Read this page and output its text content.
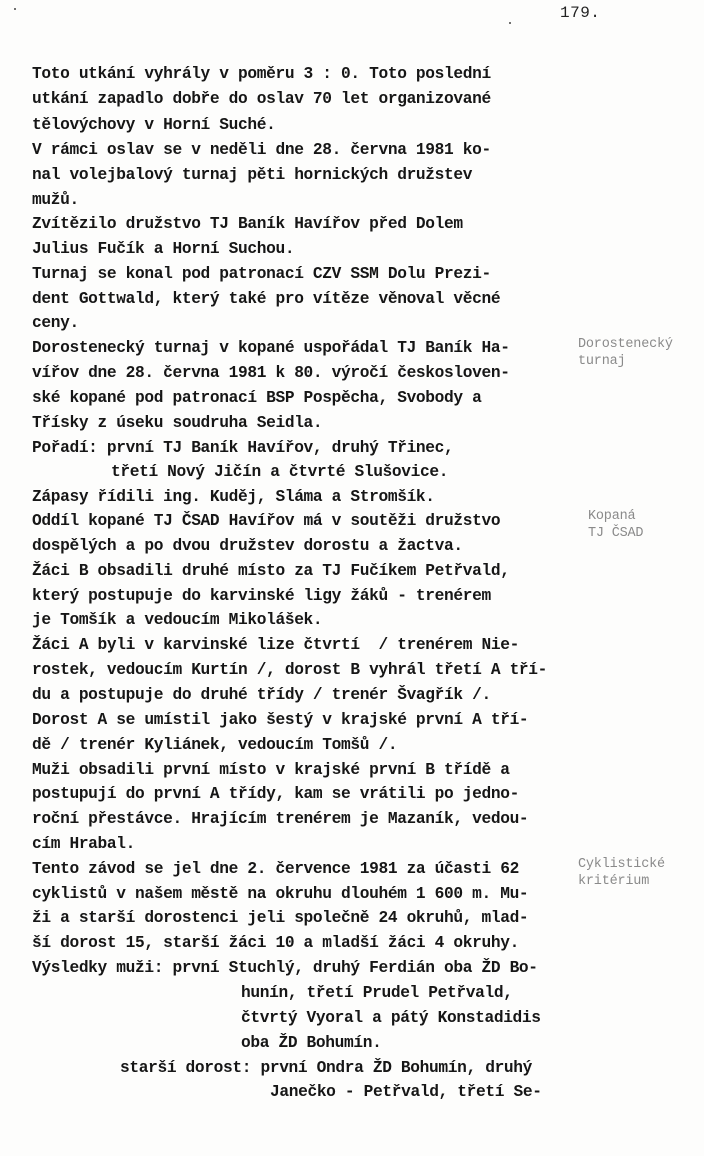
179.
Dorostenecký
turnaj
Kopaná
TJ ČSAD
Cyklistické
kritérium
Toto utkání vyhrály v poměru 3 : 0. Toto poslední
utkání zapadlo dobře do oslav 70 let organizované
tělovýchovy v Horní Suché.
V rámci oslav se v neděli dne 28. června 1981 ko-
nal volejbalový turnaj pěti hornických družstev
mužů.
Zvítězilo družstvo TJ Baník Havířov před Dolem
Julius Fučík a Horní Suchou.
Turnaj se konal pod patronací CZV SSM Dolu Prezi-
dent Gottwald, který také pro vítěze věnoval věcné
ceny.
Dorostenecký turnaj v kopané uspořádal TJ Baník Ha-
vířov dne 28. června 1981 k 80. výročí českosloven-
ské kopané pod patronací BSP Pospěcha, Svobody a
Třísky z úseku soudruha Seidla.
Pořadí: první TJ Baník Havířov, druhý Třinec,
třetí Nový Jičín a čtvrté Slušovice.
Zápasy řídili ing. Kuděj, Sláma a Stromšík.
Oddíl kopané TJ ČSAD Havířov má v soutěži družstvo
dospělých a po dvou družstev dorostu a žactva.
Žáci B obsadili druhé místo za TJ Fučíkem Petřvald,
který postupuje do karvinské ligy žáků - trenérem
je Tomšík a vedoucím Mikolášek.
Žáci A byli v karvinské lize čtvrtí  / trenérem Nie-
rostek, vedoucím Kurtín /, dorost B vyhrál třetí A tří-
du a postupuje do druhé třídy / trenér Švagřík /.
Dorost A se umístil jako šestý v krajské první A tří-
dě / trenér Kyliánek, vedoucím Tomšů /.
Muži obsadili první místo v krajské první B třídě a
postupují do první A třídy, kam se vrátili po jedno-
roční přestávce. Hrajícím trenérem je Mazaník, vedou-
cím Hrabal.
Tento závod se jel dne 2. července 1981 za účasti 62
cyklistů v našem městě na okruhu dlouhém 1 600 m. Mu-
ži a starší dorostenci jeli společně 24 okruhů, mlad-
ší dorost 15, starší žáci 10 a mladší žáci 4 okruhy.
Výsledky muži: první Stuchlý, druhý Ferdián oba ŽD Bo-
hunín, třetí Prudel Petřvald,
čtvrtý Vyoral a pátý Konstadidis
oba ŽD Bohumín.
starší dorost: první Ondra ŽD Bohumín, druhý
Janečko - Petřvald, třetí Se-
